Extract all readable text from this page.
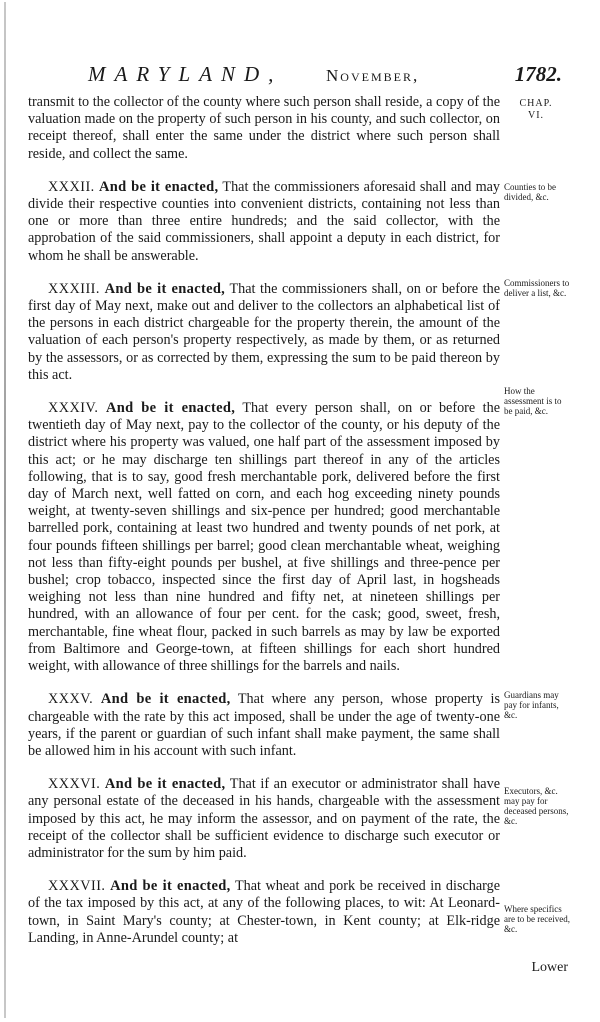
MARYLAND,	November,	1782.
CHAP.
VI.

transmit to the collector of the county where such person shall reside, a copy of the valuation made on the property of such person in his county, and such collector, on receipt thereof, shall enter the same under the district where such person shall reside, and collect the same.

XXXII. And be it enacted, That the commissioners aforesaid shall and may divide their respective counties into convenient districts, containing not less than one or more than three entire hundreds; and the said collector, with the approbation of the said commissioners, shall appoint a deputy in each district, for whom he shall be answerable.

XXXIII. And be it enacted, That the commissioners shall, on or before the first day of May next, make out and deliver to the collectors an alphabetical list of the persons in each district chargeable for the property therein, the amount of the valuation of each person's property respectively, as made by them, or as returned by the assessors, or as corrected by them, expressing the sum to be paid thereon by this act.

XXXIV. And be it enacted, That every person shall, on or before the twentieth day of May next, pay to the collector of the county, or his deputy of the district where his property was valued, one half part of the assessment imposed by this act; or he may discharge ten shillings part thereof in any of the articles following, that is to say, good fresh merchantable pork, delivered before the first day of March next, well fatted on corn, and each hog exceeding ninety pounds weight, at twenty-seven shillings and six-pence per hundred; good merchantable barrelled pork, containing at least two hundred and twenty pounds of net pork, at four pounds fifteen shillings per barrel; good clean merchantable wheat, weighing not less than fifty-eight pounds per bushel, at five shillings and three-pence per bushel; crop tobacco, inspected since the first day of April last, in hogsheads weighing not less than nine hundred and fifty net, at nineteen shillings per hundred, with an allowance of four per cent. for the cask; good, sweet, fresh, merchantable, fine wheat flour, packed in such barrels as may by law be exported from Baltimore and George-town, at fifteen shillings for each short hundred weight, with allowance of three shillings for the barrels and nails.

XXXV. And be it enacted, That where any person, whose property is chargeable with the rate by this act imposed, shall be under the age of twenty-one years, if the parent or guardian of such infant shall make payment, the same shall be allowed him in his account with such infant.

XXXVI. And be it enacted, That if an executor or administrator shall have any personal estate of the deceased in his hands, chargeable with the assessment imposed by this act, he may inform the assessor, and on payment of the rate, the receipt of the collector shall be sufficient evidence to discharge such executor or administrator for the sum by him paid.

XXXVII. And be it enacted, That wheat and pork be received in discharge of the tax imposed by this act, at any of the following places, to wit: At Leonard-town, in Saint Mary's county; at Chester-town, in Kent county; at Elk-ridge Landing, in Anne-Arundel county; at

Counties to be divided, &c.
Commissioners to deliver a list, &c.
How the assessment is to be paid, &c.
Guardians may pay for infants, &c.
Executors, &c. may pay for deceased persons, &c.
Where specifics are to be received, &c.
Lower
